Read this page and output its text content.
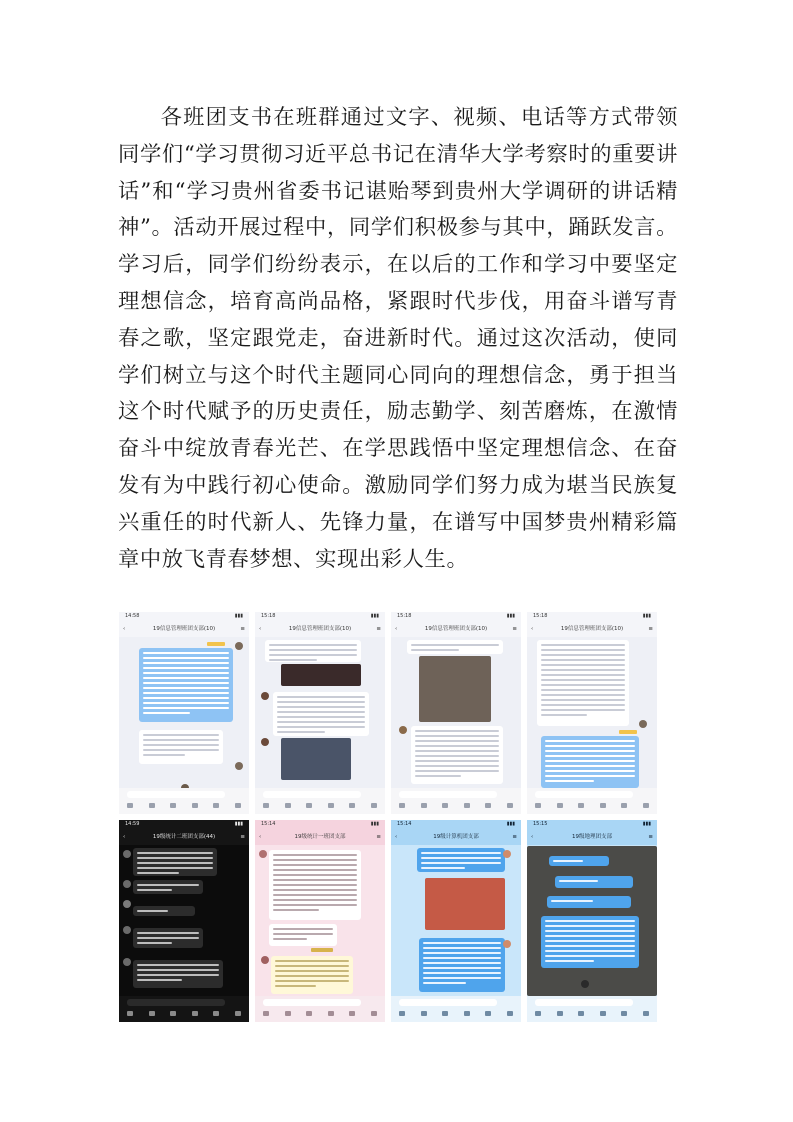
各班团支书在班群通过文字、视频、电话等方式带领同学们“学习贯彻习近平总书记在清华大学考察时的重要讲话”和“学习贵州省委书记谌贻琴到贵州大学调研的讲话精神”。活动开展过程中，同学们积极参与其中，踊跃发言。学习后，同学们纷纷表示，在以后的工作和学习中要坚定理想信念，培育高尚品格，紧跟时代步伐，用奋斗谱写青春之歌，坚定跟党走，奋进新时代。通过这次活动，使同学们树立与这个时代主题同心同向的理想信念，勇于担当这个时代赋予的历史责任，励志勤学、刻苦磨炼，在激情奋斗中绽放青春光芒、在学思践悟中坚定理想信念、在奋发有为中践行初心使命。激励同学们努力成为堪当民族复兴重任的时代新人、先锋力量，在谱写中国梦贵州精彩篇章中放飞青春梦想、实现出彩人生。

14:58	▮▮▮
‹	19信息管理班团支部(10)	≡
15:18	▮▮▮
‹	19信息管理班团支部(10)	≡
15:18	▮▮▮
‹	19信息管理班团支部(10)	≡
15:18	▮▮▮
‹	19信息管理班团支部(10)	≡
14:59	▮▮▮
‹	19级统计二班团支部(44)	≡
15:14	▮▮▮
‹	19级统计一班团支部	≡
15:14	▮▮▮
‹	19级计算机团支部	≡
15:15	▮▮▮
‹	19级地理团支部	≡
